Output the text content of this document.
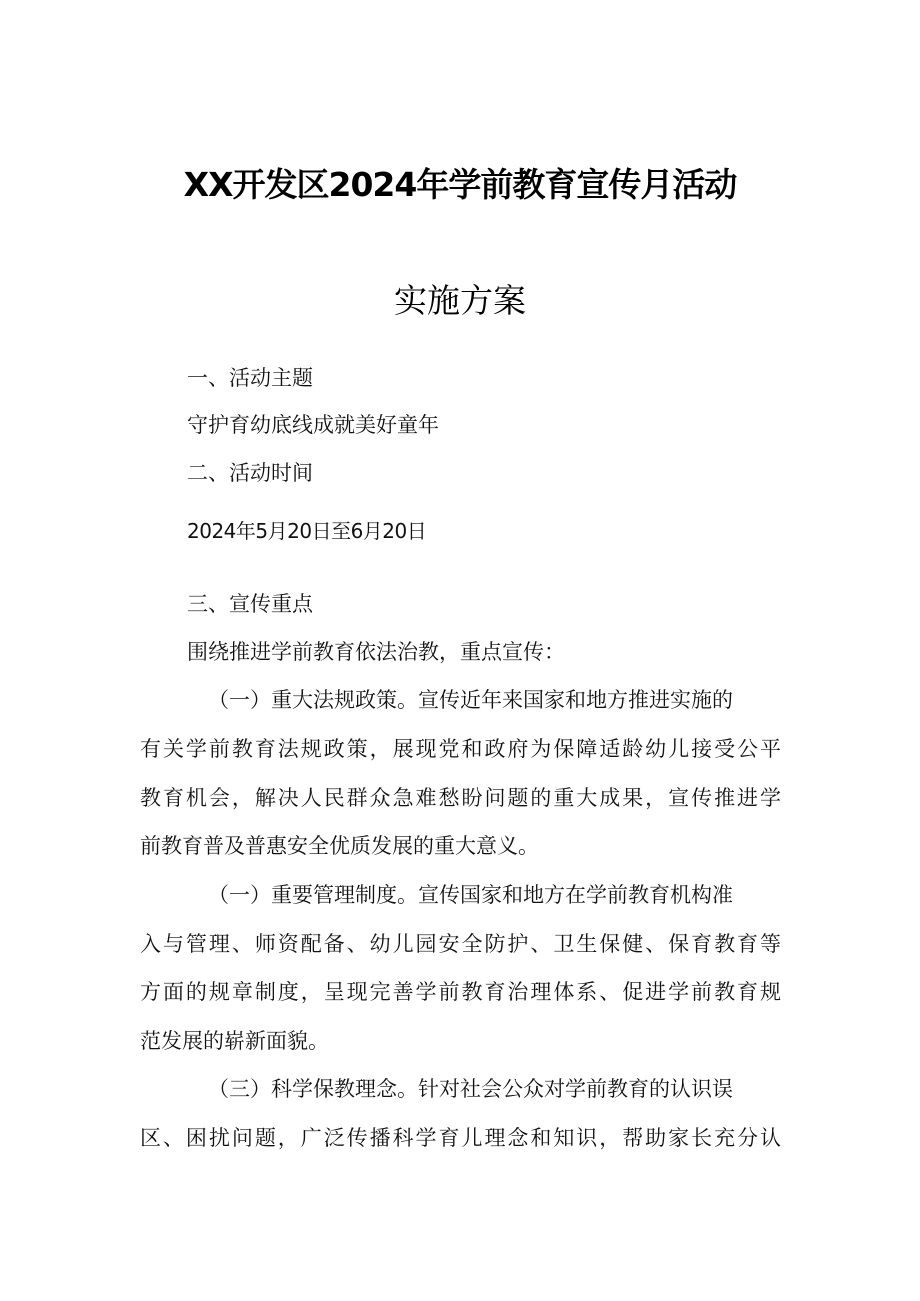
XX开发区2024年学前教育宣传月活动
实施方案
一、活动主题
守护育幼底线成就美好童年
二、活动时间
2024年5月20日至6月20日
三、宣传重点
围绕推进学前教育依法治教，重点宣传：
（一）重大法规政策。宣传近年来国家和地方推进实施的
有关学前教育法规政策，展现党和政府为保障适龄幼儿接受公平
教育机会，解决人民群众急难愁盼问题的重大成果，宣传推进学
前教育普及普惠安全优质发展的重大意义。
（一）重要管理制度。宣传国家和地方在学前教育机构准
入与管理、师资配备、幼儿园安全防护、卫生保健、保育教育等
方面的规章制度，呈现完善学前教育治理体系、促进学前教育规
范发展的崭新面貌。
（三）科学保教理念。针对社会公众对学前教育的认识误
区、困扰问题，广泛传播科学育儿理念和知识，帮助家长充分认
